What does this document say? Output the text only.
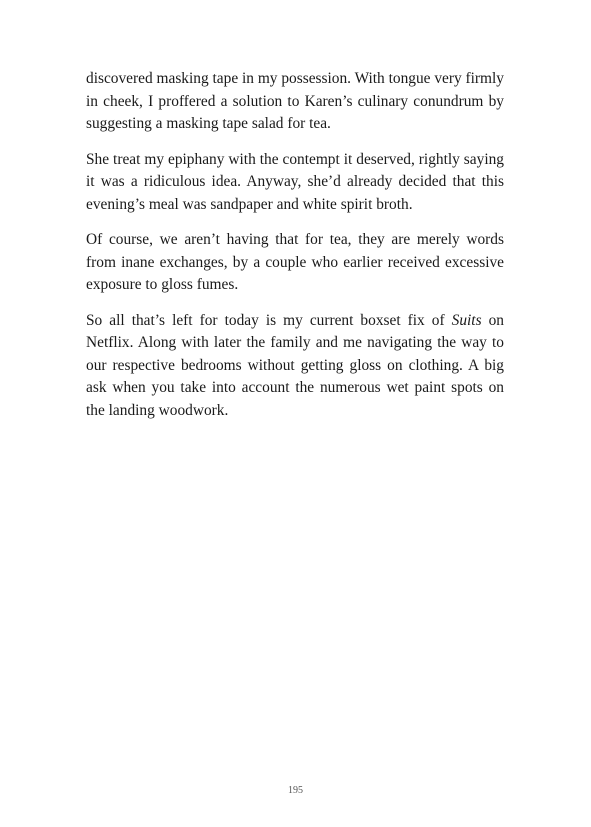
discovered masking tape in my possession. With tongue very firmly in cheek, I proffered a solution to Karen’s culinary conundrum by suggesting a masking tape salad for tea.

She treat my epiphany with the contempt it deserved, rightly saying it was a ridiculous idea. Anyway, she’d already decided that this evening’s meal was sandpaper and white spirit broth.

Of course, we aren’t having that for tea, they are merely words from inane exchanges, by a couple who earlier received excessive exposure to gloss fumes.

So all that’s left for today is my current boxset fix of Suits on Netflix. Along with later the family and me navigating the way to our respective bedrooms without getting gloss on clothing. A big ask when you take into account the numerous wet paint spots on the landing woodwork.

195
